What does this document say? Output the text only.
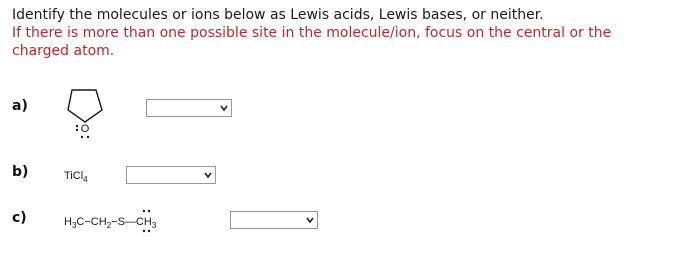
Identify the molecules or ions below as Lewis acids, Lewis bases, or neither.
If there is more than one possible site in the molecule/ion, focus on the central or the charged atom.
a)
O
b)	TiCl$_4$
c)	$H_3C-CH_2-S—CH_3$
